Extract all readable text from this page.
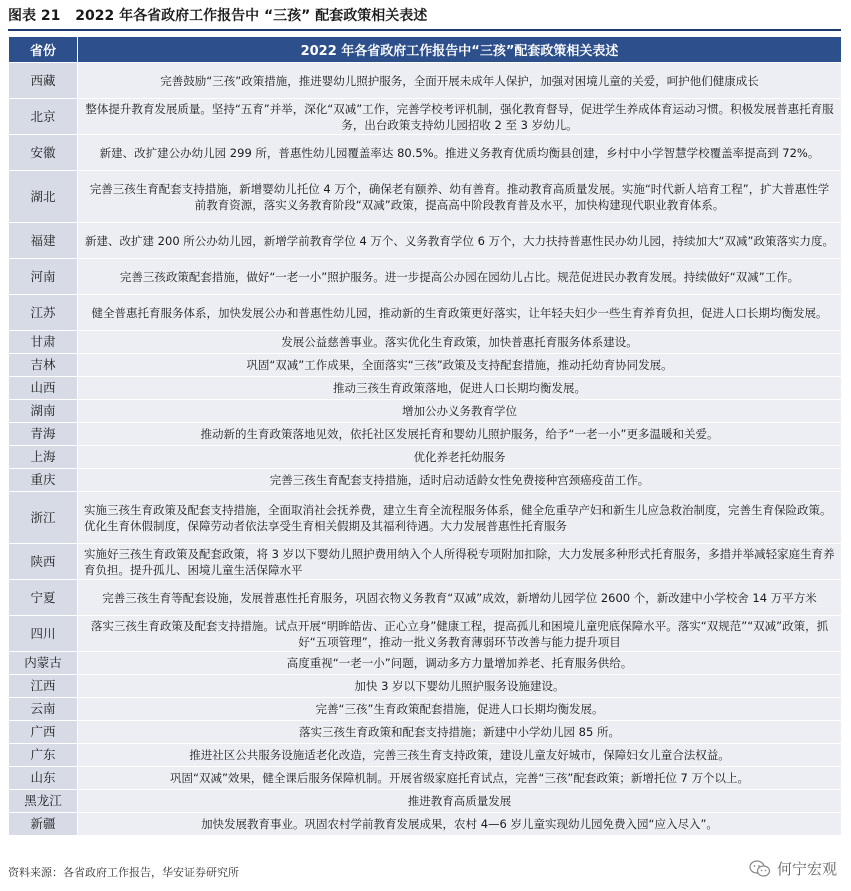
图表 21 2022 年各省政府工作报告中 “三孩” 配套政策相关表述
省份	2022 年各省政府工作报告中“三孩”配套政策相关表述
西藏	完善鼓励“三孩”政策措施，推进婴幼儿照护服务，全面开展未成年人保护，加强对困境儿童的关爱，呵护他们健康成长
北京	整体提升教育发展质量。坚持“五育”并举，深化“双减”工作，完善学校考评机制，强化教育督导，促进学生养成体育运动习惯。积极发展普惠托育服务，出台政策支持幼儿园招收 2 至 3 岁幼儿。
安徽	新建、改扩建公办幼儿园 299 所，普惠性幼儿园覆盖率达 80.5%。推进义务教育优质均衡县创建，乡村中小学智慧学校覆盖率提高到 72%。
湖北	完善三孩生育配套支持措施，新增婴幼儿托位 4 万个，确保老有颐养、幼有善育。推动教育高质量发展。实施“时代新人培育工程”，扩大普惠性学前教育资源，落实义务教育阶段“双减”政策，提高高中阶段教育普及水平，加快构建现代职业教育体系。
福建	新建、改扩建 200 所公办幼儿园，新增学前教育学位 4 万个、义务教育学位 6 万个，大力扶持普惠性民办幼儿园，持续加大“双减”政策落实力度。
河南	完善三孩政策配套措施，做好“一老一小”照护服务。进一步提高公办园在园幼儿占比。规范促进民办教育发展。持续做好“双减”工作。
江苏	健全普惠托育服务体系，加快发展公办和普惠性幼儿园，推动新的生育政策更好落实，让年轻夫妇少一些生育养育负担，促进人口长期均衡发展。
甘肃	发展公益慈善事业。落实优化生育政策，加快普惠托育服务体系建设。
吉林	巩固“双减”工作成果，全面落实“三孩”政策及支持配套措施，推动托幼育协同发展。
山西	推动三孩生育政策落地，促进人口长期均衡发展。
湖南	增加公办义务教育学位
青海	推动新的生育政策落地见效，依托社区发展托育和婴幼儿照护服务，给予“一老一小”更多温暖和关爱。
上海	优化养老托幼服务
重庆	完善三孩生育配套支持措施，适时启动适龄女性免费接种宫颈癌疫苗工作。
浙江	实施三孩生育政策及配套支持措施，全面取消社会抚养费，建立生育全流程服务体系，健全危重孕产妇和新生儿应急救治制度，完善生育保险政策。优化生育休假制度，保障劳动者依法享受生育相关假期及其福利待遇。大力发展普惠性托育服务
陕西	实施好三孩生育政策及配套政策，将 3 岁以下婴幼儿照护费用纳入个人所得税专项附加扣除，大力发展多种形式托育服务，多措并举减轻家庭生育养育负担。提升孤儿、困境儿童生活保障水平
宁夏	完善三孩生育等配套设施，发展普惠性托育服务，巩固衣物义务教育“双减”成效，新增幼儿园学位 2600 个，新改建中小学校舍 14 万平方米
四川	落实三孩生育政策及配套支持措施。试点开展“明眸皓齿、正心立身”健康工程，提高孤儿和困境儿童兜底保障水平。落实“双规范”“双减”政策，抓好“五项管理”，推动一批义务教育薄弱环节改善与能力提升项目
内蒙古	高度重视“一老一小”问题，调动多方力量增加养老、托育服务供给。
江西	加快 3 岁以下婴幼儿照护服务设施建设。
云南	完善“三孩”生育政策配套措施，促进人口长期均衡发展。
广西	落实三孩生育政策和配套支持措施；新建中小学幼儿园 85 所。
广东	推进社区公共服务设施适老化改造，完善三孩生育支持政策，建设儿童友好城市，保障妇女儿童合法权益。
山东	巩固“双减”效果，健全课后服务保障机制。开展省级家庭托育试点，完善“三孩”配套政策；新增托位 7 万个以上。
黑龙江	推进教育高质量发展
新疆	加快发展教育事业。巩固农村学前教育发展成果，农村 4—6 岁儿童实现幼儿园免费入园“应入尽入”。
资料来源：各省政府工作报告，华安证券研究所	何宁宏观
